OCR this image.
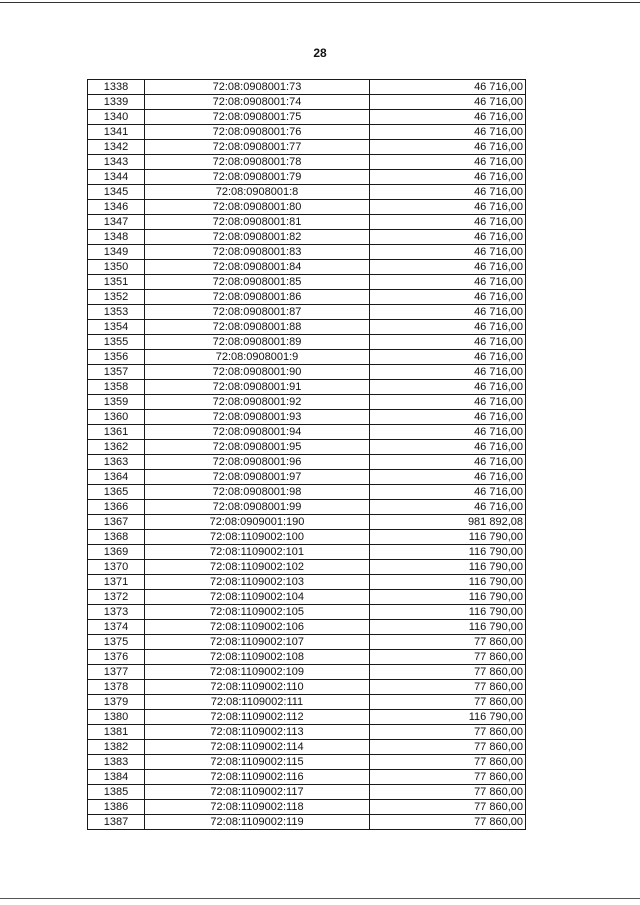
28
1338	72:08:0908001:73	46 716,00
1339	72:08:0908001:74	46 716,00
1340	72:08:0908001:75	46 716,00
1341	72:08:0908001:76	46 716,00
1342	72:08:0908001:77	46 716,00
1343	72:08:0908001:78	46 716,00
1344	72:08:0908001:79	46 716,00
1345	72:08:0908001:8	46 716,00
1346	72:08:0908001:80	46 716,00
1347	72:08:0908001:81	46 716,00
1348	72:08:0908001:82	46 716,00
1349	72:08:0908001:83	46 716,00
1350	72:08:0908001:84	46 716,00
1351	72:08:0908001:85	46 716,00
1352	72:08:0908001:86	46 716,00
1353	72:08:0908001:87	46 716,00
1354	72:08:0908001:88	46 716,00
1355	72:08:0908001:89	46 716,00
1356	72:08:0908001:9	46 716,00
1357	72:08:0908001:90	46 716,00
1358	72:08:0908001:91	46 716,00
1359	72:08:0908001:92	46 716,00
1360	72:08:0908001:93	46 716,00
1361	72:08:0908001:94	46 716,00
1362	72:08:0908001:95	46 716,00
1363	72:08:0908001:96	46 716,00
1364	72:08:0908001:97	46 716,00
1365	72:08:0908001:98	46 716,00
1366	72:08:0908001:99	46 716,00
1367	72:08:0909001:190	981 892,08
1368	72:08:1109002:100	116 790,00
1369	72:08:1109002:101	116 790,00
1370	72:08:1109002:102	116 790,00
1371	72:08:1109002:103	116 790,00
1372	72:08:1109002:104	116 790,00
1373	72:08:1109002:105	116 790,00
1374	72:08:1109002:106	116 790,00
1375	72:08:1109002:107	77 860,00
1376	72:08:1109002:108	77 860,00
1377	72:08:1109002:109	77 860,00
1378	72:08:1109002:110	77 860,00
1379	72:08:1109002:111	77 860,00
1380	72:08:1109002:112	116 790,00
1381	72:08:1109002:113	77 860,00
1382	72:08:1109002:114	77 860,00
1383	72:08:1109002:115	77 860,00
1384	72:08:1109002:116	77 860,00
1385	72:08:1109002:117	77 860,00
1386	72:08:1109002:118	77 860,00
1387	72:08:1109002:119	77 860,00
